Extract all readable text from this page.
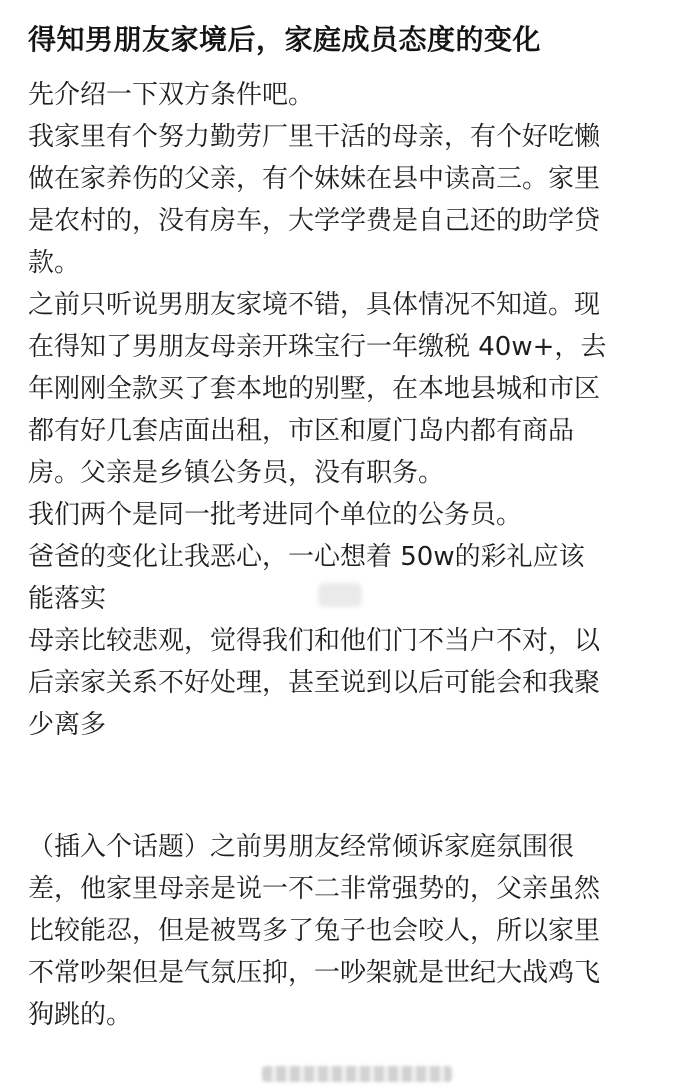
得知男朋友家境后，家庭成员态度的变化
先介绍一下双方条件吧。
我家里有个努力勤劳厂里干活的母亲，有个好吃懒
做在家养伤的父亲，有个妹妹在县中读高三。家里
是农村的，没有房车，大学学费是自己还的助学贷
款。
之前只听说男朋友家境不错，具体情况不知道。现
在得知了男朋友母亲开珠宝行一年缴税 40w+，去
年刚刚全款买了套本地的别墅，在本地县城和市区
都有好几套店面出租，市区和厦门岛内都有商品
房。父亲是乡镇公务员，没有职务。
我们两个是同一批考进同个单位的公务员。
爸爸的变化让我恶心，一心想着 50w的彩礼应该
能落实
母亲比较悲观，觉得我们和他们门不当户不对，以
后亲家关系不好处理，甚至说到以后可能会和我聚
少离多
（插入个话题）之前男朋友经常倾诉家庭氛围很
差，他家里母亲是说一不二非常强势的，父亲虽然
比较能忍，但是被骂多了兔子也会咬人，所以家里
不常吵架但是气氛压抑，一吵架就是世纪大战鸡飞
狗跳的。
